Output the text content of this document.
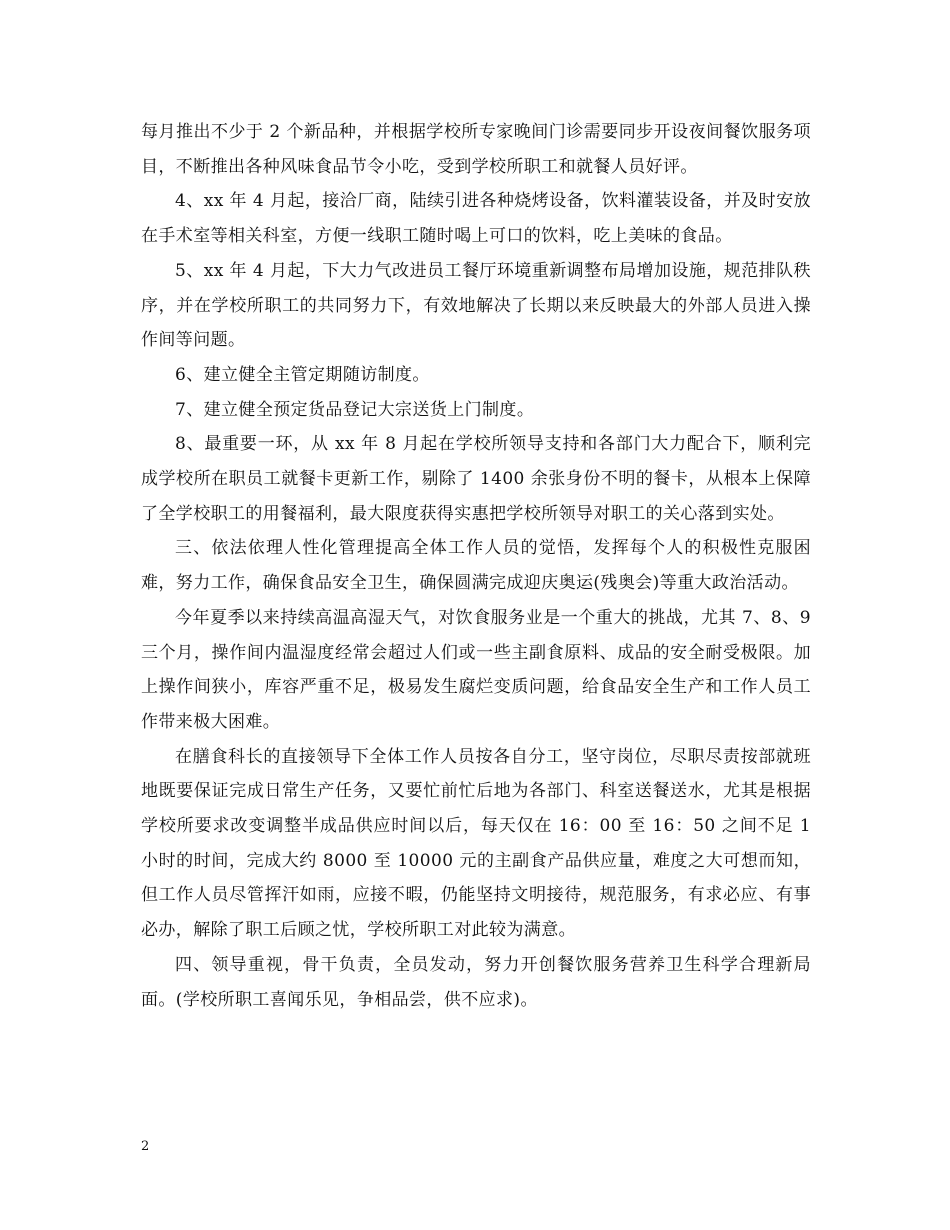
每月推出不少于 2 个新品种，并根据学校所专家晚间门诊需要同步开设夜间餐饮服务项目，不断推出各种风味食品节令小吃，受到学校所职工和就餐人员好评。

4、xx 年 4 月起，接洽厂商，陆续引进各种烧烤设备，饮料灌装设备，并及时安放在手术室等相关科室，方便一线职工随时喝上可口的饮料，吃上美味的食品。

5、xx 年 4 月起，下大力气改进员工餐厅环境重新调整布局增加设施，规范排队秩序，并在学校所职工的共同努力下，有效地解决了长期以来反映最大的外部人员进入操作间等问题。

6、建立健全主管定期随访制度。

7、建立健全预定货品登记大宗送货上门制度。

8、最重要一环，从 xx 年 8 月起在学校所领导支持和各部门大力配合下，顺利完成学校所在职员工就餐卡更新工作，剔除了 1400 余张身份不明的餐卡，从根本上保障了全学校职工的用餐福利，最大限度获得实惠把学校所领导对职工的关心落到实处。

三、依法依理人性化管理提高全体工作人员的觉悟，发挥每个人的积极性克服困难，努力工作，确保食品安全卫生，确保圆满完成迎庆奥运(残奥会)等重大政治活动。

今年夏季以来持续高温高湿天气，对饮食服务业是一个重大的挑战，尤其 7、8、9 三个月，操作间内温湿度经常会超过人们或一些主副食原料、成品的安全耐受极限。加上操作间狭小，库容严重不足，极易发生腐烂变质问题，给食品安全生产和工作人员工作带来极大困难。

在膳食科长的直接领导下全体工作人员按各自分工，坚守岗位，尽职尽责按部就班地既要保证完成日常生产任务，又要忙前忙后地为各部门、科室送餐送水，尤其是根据学校所要求改变调整半成品供应时间以后，每天仅在 16：00 至 16：50 之间不足 1 小时的时间，完成大约 8000 至 10000 元的主副食产品供应量，难度之大可想而知，但工作人员尽管挥汗如雨，应接不暇，仍能坚持文明接待，规范服务，有求必应、有事必办，解除了职工后顾之忧，学校所职工对此较为满意。

四、领导重视，骨干负责，全员发动，努力开创餐饮服务营养卫生科学合理新局面。(学校所职工喜闻乐见，争相品尝，供不应求)。

2
